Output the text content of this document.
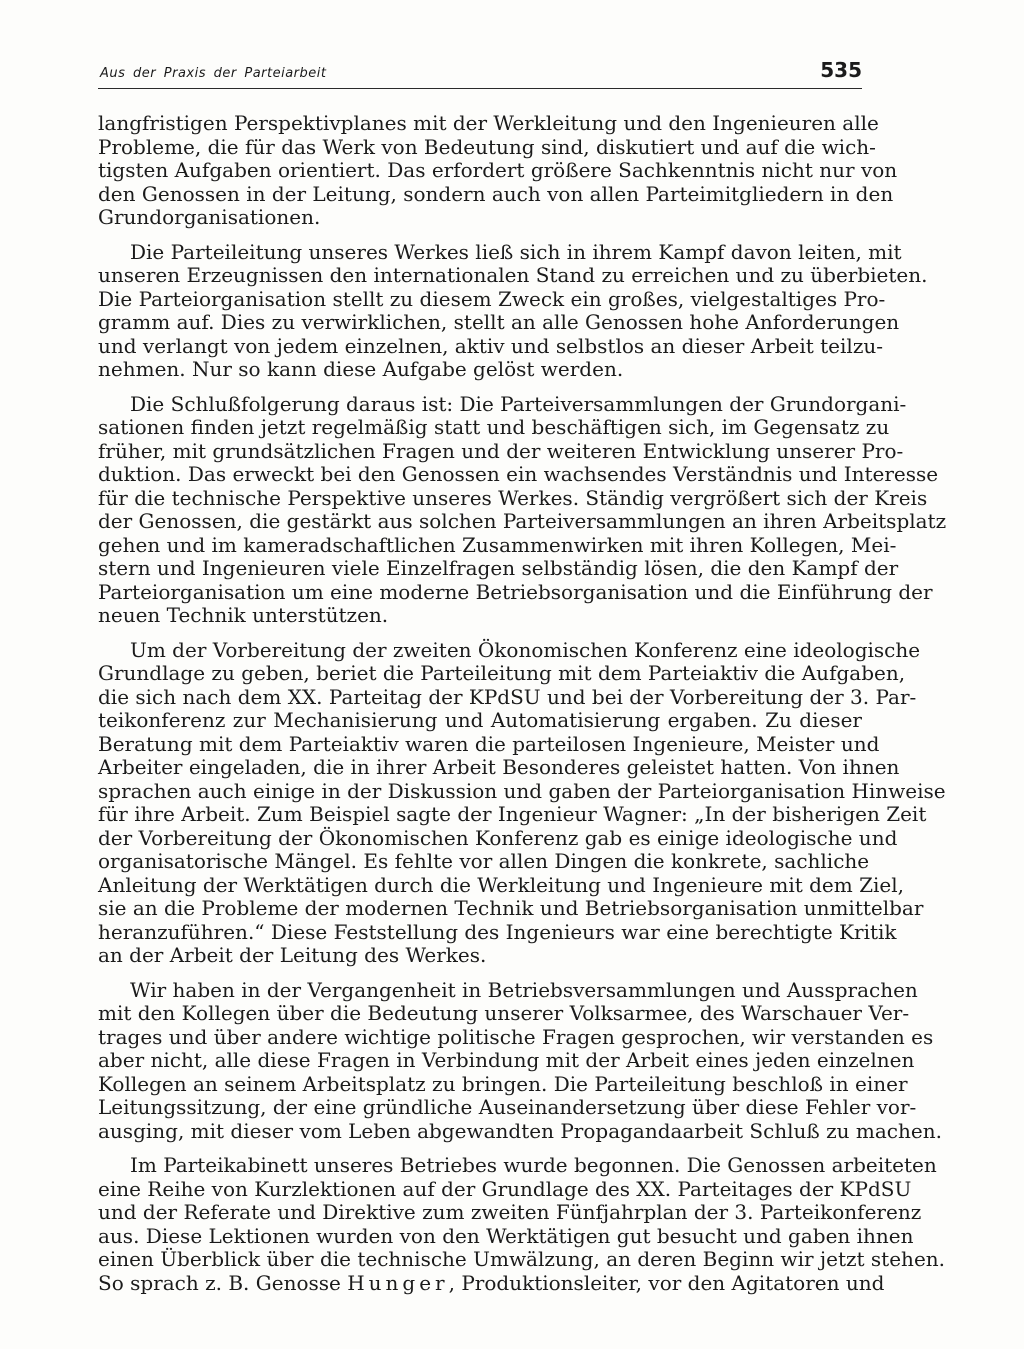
Aus der Praxis der Parteiarbeit	535

langfristigen Perspektivplanes mit der Werkleitung und den Ingenieuren alle
Probleme, die für das Werk von Bedeutung sind, diskutiert und auf die wich-
tigsten Aufgaben orientiert. Das erfordert größere Sachkenntnis nicht nur von
den Genossen in der Leitung, sondern auch von allen Parteimitgliedern in den
Grundorganisationen.

Die Parteileitung unseres Werkes ließ sich in ihrem Kampf davon leiten, mit
unseren Erzeugnissen den internationalen Stand zu erreichen und zu überbieten.
Die Parteiorganisation stellt zu diesem Zweck ein großes, vielgestaltiges Pro-
gramm auf. Dies zu verwirklichen, stellt an alle Genossen hohe Anforderungen
und verlangt von jedem einzelnen, aktiv und selbstlos an dieser Arbeit teilzu-
nehmen. Nur so kann diese Aufgabe gelöst werden.

Die Schlußfolgerung daraus ist: Die Parteiversammlungen der Grundorgani-
sationen finden jetzt regelmäßig statt und beschäftigen sich, im Gegensatz zu
früher, mit grundsätzlichen Fragen und der weiteren Entwicklung unserer Pro-
duktion. Das erweckt bei den Genossen ein wachsendes Verständnis und Interesse
für die technische Perspektive unseres Werkes. Ständig vergrößert sich der Kreis
der Genossen, die gestärkt aus solchen Parteiversammlungen an ihren Arbeitsplatz
gehen und im kameradschaftlichen Zusammenwirken mit ihren Kollegen, Mei-
stern und Ingenieuren viele Einzelfragen selbständig lösen, die den Kampf der
Parteiorganisation um eine moderne Betriebsorganisation und die Einführung der
neuen Technik unterstützen.

Um der Vorbereitung der zweiten Ökonomischen Konferenz eine ideologische
Grundlage zu geben, beriet die Parteileitung mit dem Parteiaktiv die Aufgaben,
die sich nach dem XX. Parteitag der KPdSU und bei der Vorbereitung der 3. Par-
teikonferenz zur Mechanisierung und Automatisierung ergaben. Zu dieser
Beratung mit dem Parteiaktiv waren die parteilosen Ingenieure, Meister und
Arbeiter eingeladen, die in ihrer Arbeit Besonderes geleistet hatten. Von ihnen
sprachen auch einige in der Diskussion und gaben der Parteiorganisation Hinweise
für ihre Arbeit. Zum Beispiel sagte der Ingenieur Wagner: „In der bisherigen Zeit
der Vorbereitung der Ökonomischen Konferenz gab es einige ideologische und
organisatorische Mängel. Es fehlte vor allen Dingen die konkrete, sachliche
Anleitung der Werktätigen durch die Werkleitung und Ingenieure mit dem Ziel,
sie an die Probleme der modernen Technik und Betriebsorganisation unmittelbar
heranzuführen.“ Diese Feststellung des Ingenieurs war eine berechtigte Kritik
an der Arbeit der Leitung des Werkes.

Wir haben in der Vergangenheit in Betriebsversammlungen und Aussprachen
mit den Kollegen über die Bedeutung unserer Volksarmee, des Warschauer Ver-
trages und über andere wichtige politische Fragen gesprochen, wir verstanden es
aber nicht, alle diese Fragen in Verbindung mit der Arbeit eines jeden einzelnen
Kollegen an seinem Arbeitsplatz zu bringen. Die Parteileitung beschloß in einer
Leitungssitzung, der eine gründliche Auseinandersetzung über diese Fehler vor-
ausging, mit dieser vom Leben abgewandten Propagandaarbeit Schluß zu machen.

Im Parteikabinett unseres Betriebes wurde begonnen. Die Genossen arbeiteten
eine Reihe von Kurzlektionen auf der Grundlage des XX. Parteitages der KPdSU
und der Referate und Direktive zum zweiten Fünfjahrplan der 3. Parteikonferenz
aus. Diese Lektionen wurden von den Werktätigen gut besucht und gaben ihnen
einen Überblick über die technische Umwälzung, an deren Beginn wir jetzt stehen.
So sprach z. B. Genosse Hunger, Produktionsleiter, vor den Agitatoren und
